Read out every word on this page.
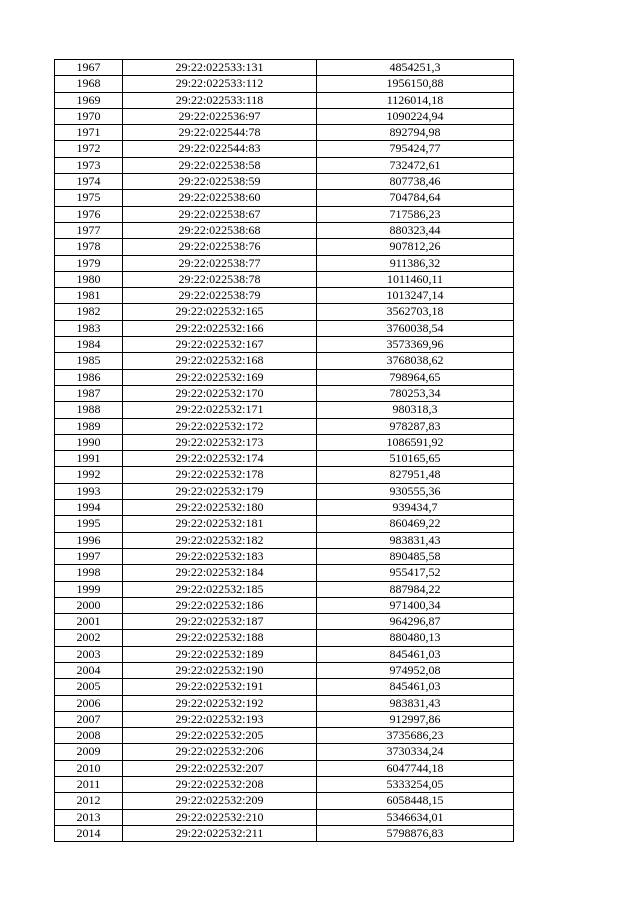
1967	29:22:022533:131	4854251,3
1968	29:22:022533:112	1956150,88
1969	29:22:022533:118	1126014,18
1970	29:22:022536:97	1090224,94
1971	29:22:022544:78	892794,98
1972	29:22:022544:83	795424,77
1973	29:22:022538:58	732472,61
1974	29:22:022538:59	807738,46
1975	29:22:022538:60	704784,64
1976	29:22:022538:67	717586,23
1977	29:22:022538:68	880323,44
1978	29:22:022538:76	907812,26
1979	29:22:022538:77	911386,32
1980	29:22:022538:78	1011460,11
1981	29:22:022538:79	1013247,14
1982	29:22:022532:165	3562703,18
1983	29:22:022532:166	3760038,54
1984	29:22:022532:167	3573369,96
1985	29:22:022532:168	3768038,62
1986	29:22:022532:169	798964,65
1987	29:22:022532:170	780253,34
1988	29:22:022532:171	980318,3
1989	29:22:022532:172	978287,83
1990	29:22:022532:173	1086591,92
1991	29:22:022532:174	510165,65
1992	29:22:022532:178	827951,48
1993	29:22:022532:179	930555,36
1994	29:22:022532:180	939434,7
1995	29:22:022532:181	860469,22
1996	29:22:022532:182	983831,43
1997	29:22:022532:183	890485,58
1998	29:22:022532:184	955417,52
1999	29:22:022532:185	887984,22
2000	29:22:022532:186	971400,34
2001	29:22:022532:187	964296,87
2002	29:22:022532:188	880480,13
2003	29:22:022532:189	845461,03
2004	29:22:022532:190	974952,08
2005	29:22:022532:191	845461,03
2006	29:22:022532:192	983831,43
2007	29:22:022532:193	912997,86
2008	29:22:022532:205	3735686,23
2009	29:22:022532:206	3730334,24
2010	29:22:022532:207	6047744,18
2011	29:22:022532:208	5333254,05
2012	29:22:022532:209	6058448,15
2013	29:22:022532:210	5346634,01
2014	29:22:022532:211	5798876,83
